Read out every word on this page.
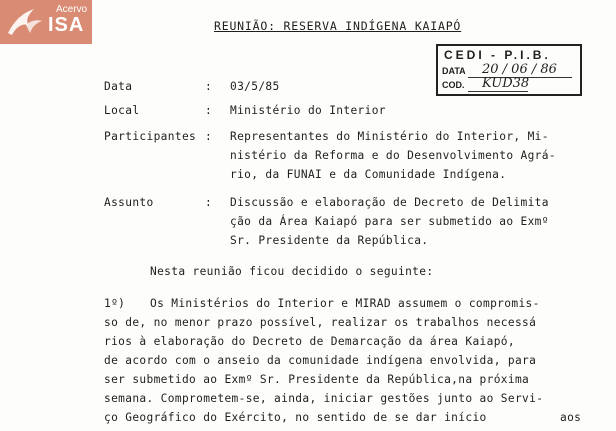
Acervo
ISA	REUNIÃO: RESERVA INDÍGENA KAIAPÓ
CEDI - P.I.B.
DATA 20 / 06 / 86
COD. KUD38
Data	: 03/5/85
Local	: Ministério do Interior
Participantes : Representantes do Ministério do Interior, Mi-
nistério da Reforma e do Desenvolvimento Agrá-
rio, da FUNAI e da Comunidade Indígena.
Assunto	: Discussão e elaboração de Decreto de Delimita
ção da Área Kaiapó para ser submetido ao Exmº
Sr. Presidente da República.
Nesta reunião ficou decidido o seguinte:
1º) Os Ministérios do Interior e MIRAD assumem o compromis-
so de, no menor prazo possível, realizar os trabalhos necessá
rios à elaboração do Decreto de Demarcação da área Kaiapó,
de acordo com o anseio da comunidade indígena envolvida, para
ser submetido ao Exmº Sr. Presidente da República,na próxima
semana. Comprometem-se, ainda, iniciar gestões junto ao Servi-
ço Geográfico do Exército, no sentido de se dar início	aos
